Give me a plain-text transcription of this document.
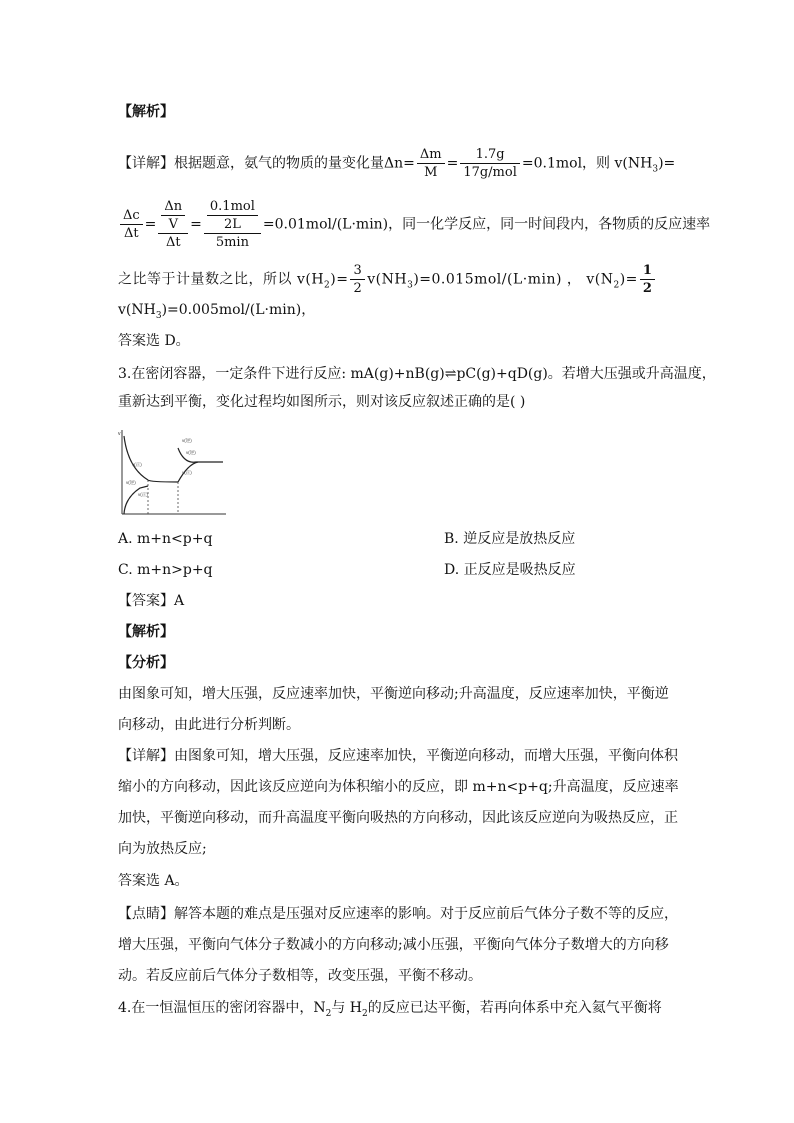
【解析】
【详解】根据题意，氨气的物质的量变化量$\Delta n= \frac{\Delta m}{M} = \frac{1.7g}{\text{17g/mol}} =0.1mol$，则 $v(NH_3)=$
$\frac{\Delta c}{\Delta t} = \frac{\frac{\Delta n}{V}}{\Delta t} = \frac{\frac{\text{0.1mol}}{2L}}{5\min} =0.01mol/(L\cdot\min)$，同一化学反应，同一时间段内，各物质的反应速率
之比等于计量数之比，所以 $v(H_2)= \frac{3}{2} v(NH_3)=0.015mol/(L\cdot\min)$ ， $v(N_2)= \frac{1}{2}$
$v(NH_3)=0.005mol/(L\cdot\min)$，
答案选 D。
3.在密闭容器，一定条件下进行反应: mA(g)+nB(g)⇌pC(g)+qD(g)。若增大压强或升高温度，
重新达到平衡，变化过程均如图所示，则对该反应叙述正确的是( )
v
v(正)
v(逆)
v(正)
v(逆)
v(正)
v(逆)
A. m+n<p+q	B. 逆反应是放热反应
C. m+n>p+q	D. 正反应是吸热反应
【答案】A
【解析】
【分析】
由图象可知，增大压强，反应速率加快，平衡逆向移动;升高温度，反应速率加快，平衡逆
向移动，由此进行分析判断。
【详解】由图象可知，增大压强，反应速率加快，平衡逆向移动，而增大压强，平衡向体积
缩小的方向移动，因此该反应逆向为体积缩小的反应，即 m+n<p+q;升高温度，反应速率
加快，平衡逆向移动，而升高温度平衡向吸热的方向移动，因此该反应逆向为吸热反应，正
向为放热反应;
答案选 A。
【点睛】解答本题的难点是压强对反应速率的影响。对于反应前后气体分子数不等的反应，
增大压强，平衡向气体分子数减小的方向移动;减小压强，平衡向气体分子数增大的方向移
动。若反应前后气体分子数相等，改变压强，平衡不移动。
4.在一恒温恒压的密闭容器中，$N_2$与 $H_2$的反应已达平衡，若再向体系中充入氦气平衡将
